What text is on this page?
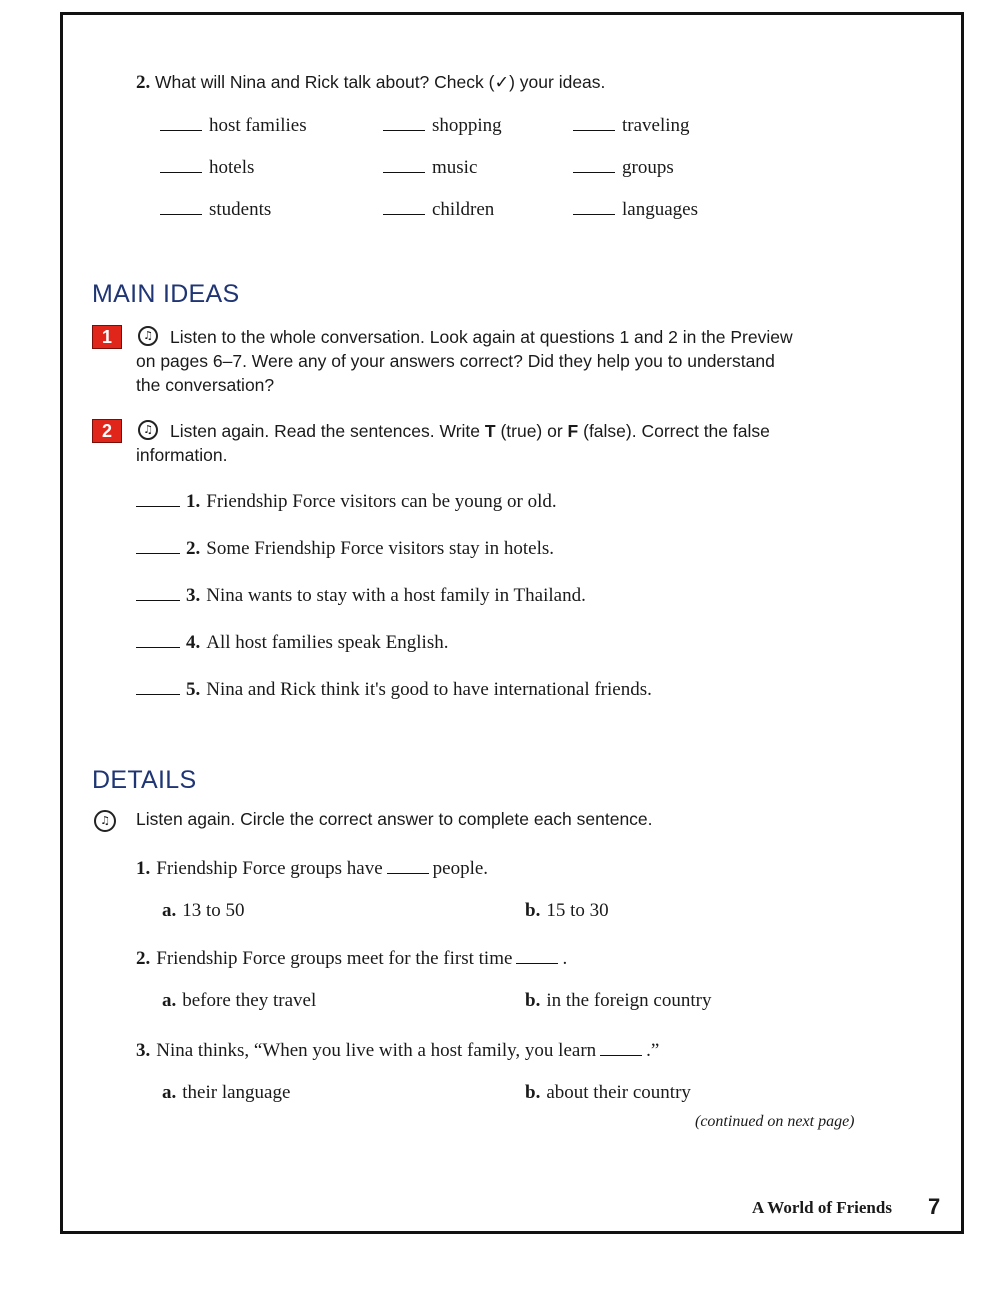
2. What will Nina and Rick talk about? Check (✓) your ideas.
host families	shopping	traveling
hotels	music	groups
students	children	languages
MAIN IDEAS
1	♫ Listen to the whole conversation. Look again at questions 1 and 2 in the Preview
on pages 6–7. Were any of your answers correct? Did they help you to understand
the conversation?
2	♫ Listen again. Read the sentences. Write T (true) or F (false). Correct the false
information.
1. Friendship Force visitors can be young or old.
2. Some Friendship Force visitors stay in hotels.
3. Nina wants to stay with a host family in Thailand.
4. All host families speak English.
5. Nina and Rick think it's good to have international friends.
DETAILS
♫	Listen again. Circle the correct answer to complete each sentence.
1. Friendship Force groups have	people.
a. 13 to 50	b. 15 to 30
2. Friendship Force groups meet for the first time	.
a. before they travel	b. in the foreign country
3. Nina thinks, “When you live with a host family, you learn	.”
a. their language	b. about their country
(continued on next page)
A World of Friends 7
